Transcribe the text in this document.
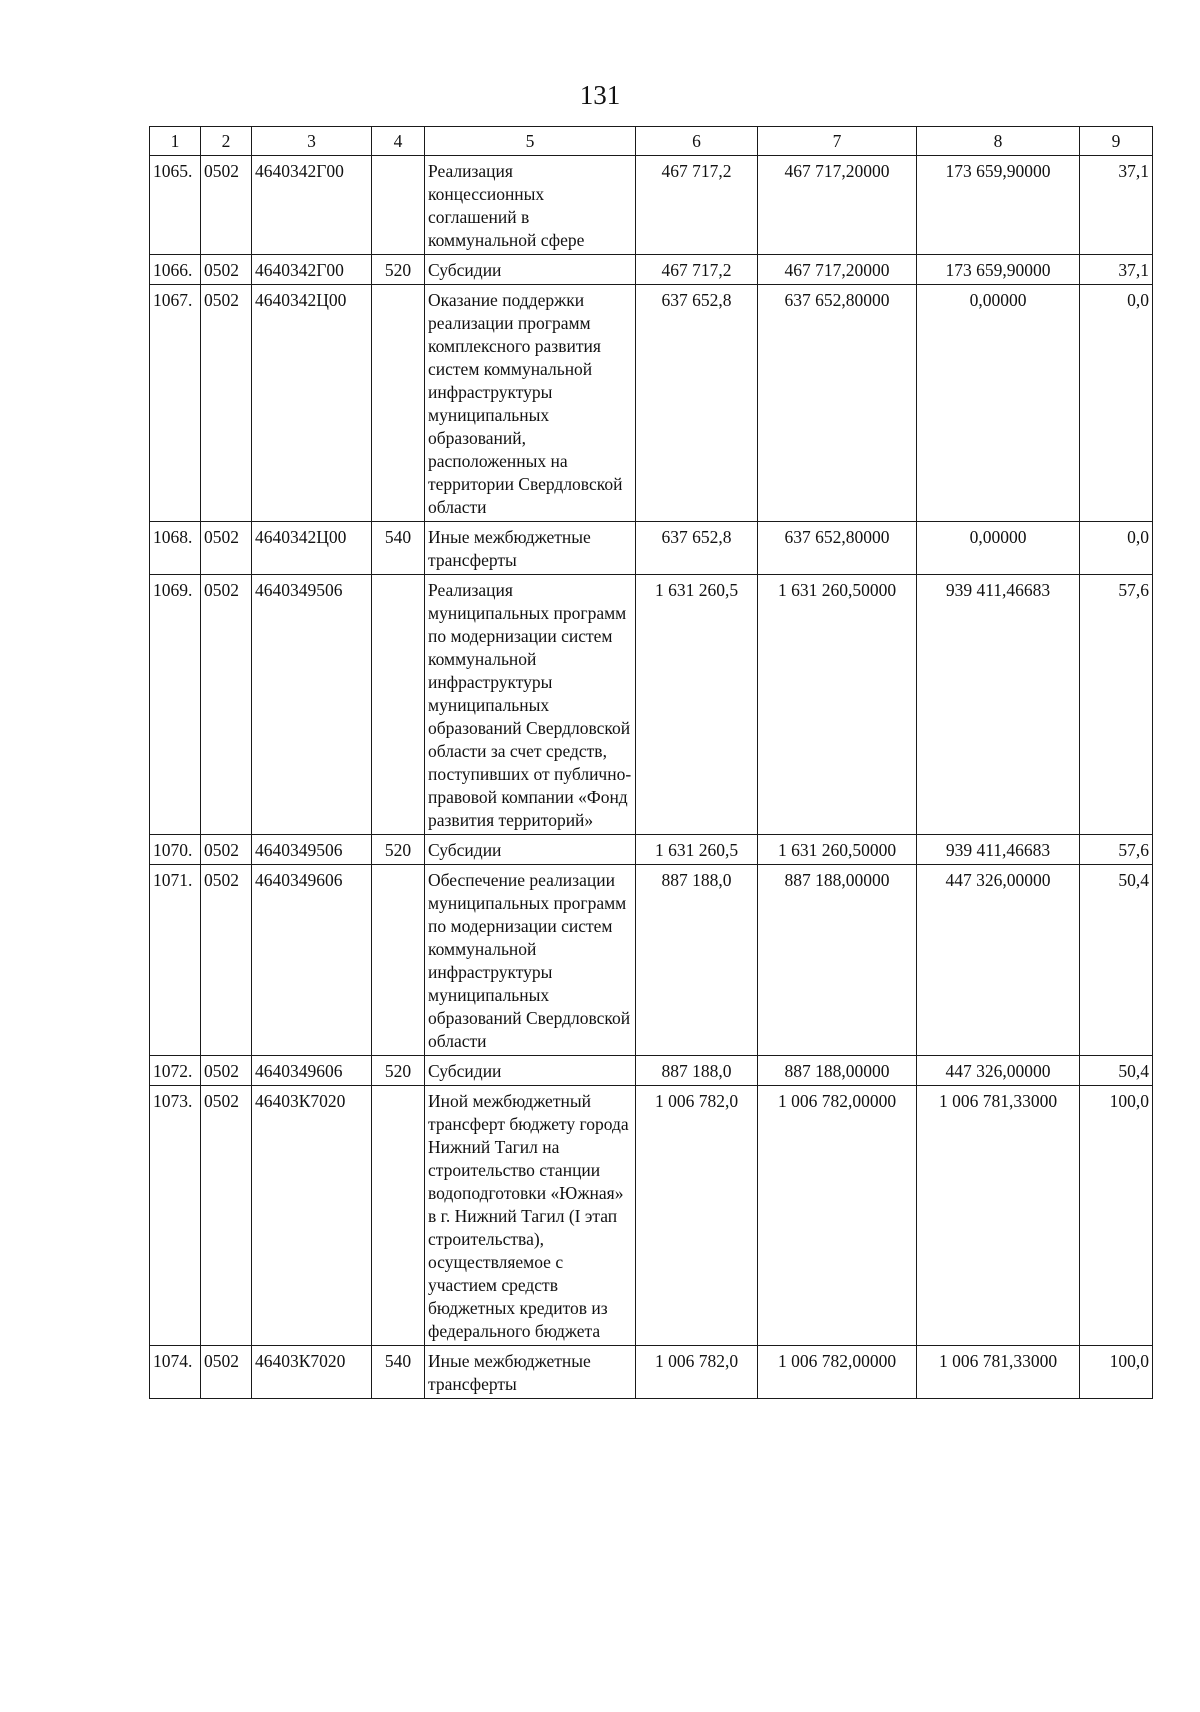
131
1	2	3	4	5	6	7	8	9
1065.	0502	4640342Г00		Реализация концессионных соглашений в коммунальной сфере	467 717,2	467 717,20000	173 659,90000	37,1
1066.	0502	4640342Г00	520	Субсидии	467 717,2	467 717,20000	173 659,90000	37,1
1067.	0502	4640342Ц00		Оказание поддержки реализации программ комплексного развития систем коммунальной инфраструктуры муниципальных образований, расположенных на территории Свердловской области	637 652,8	637 652,80000	0,00000	0,0
1068.	0502	4640342Ц00	540	Иные межбюджетные трансферты	637 652,8	637 652,80000	0,00000	0,0
1069.	0502	4640349506		Реализация муниципальных программ по модернизации систем коммунальной инфраструктуры муниципальных образований Свердловской области за счет средств, поступивших от публично-правовой компании «Фонд развития территорий»	1 631 260,5	1 631 260,50000	939 411,46683	57,6
1070.	0502	4640349506	520	Субсидии	1 631 260,5	1 631 260,50000	939 411,46683	57,6
1071.	0502	4640349606		Обеспечение реализации муниципальных программ по модернизации систем коммунальной инфраструктуры муниципальных образований Свердловской области	887 188,0	887 188,00000	447 326,00000	50,4
1072.	0502	4640349606	520	Субсидии	887 188,0	887 188,00000	447 326,00000	50,4
1073.	0502	46403К7020		Иной межбюджетный трансферт бюджету города Нижний Тагил на строительство станции водоподготовки «Южная» в г. Нижний Тагил (I этап строительства), осуществляемое с участием средств бюджетных кредитов из федерального бюджета	1 006 782,0	1 006 782,00000	1 006 781,33000	100,0
1074.	0502	46403К7020	540	Иные межбюджетные трансферты	1 006 782,0	1 006 782,00000	1 006 781,33000	100,0
